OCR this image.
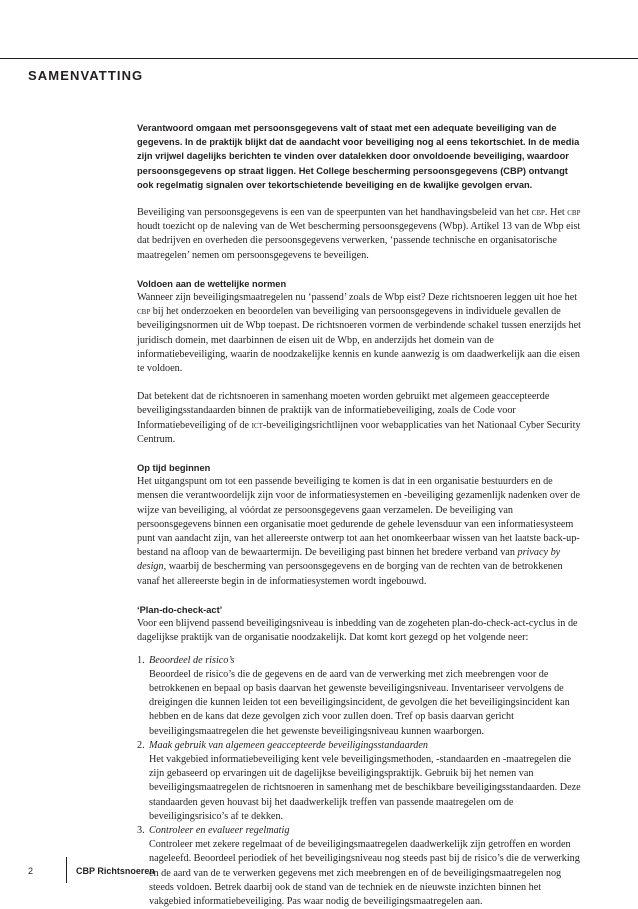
SAMENVATTING

Verantwoord omgaan met persoonsgegevens valt of staat met een adequate beveiliging van de gegevens. In de praktijk blijkt dat de aandacht voor beveiliging nog al eens tekortschiet. In de media zijn vrijwel dagelijks berichten te vinden over datalekken door onvoldoende beveiliging, waardoor persoonsgegevens op straat liggen. Het College bescherming persoonsgegevens (CBP) ontvangt ook regelmatig signalen over tekortschietende beveiliging en de kwalijke gevolgen ervan.

Beveiliging van persoonsgegevens is een van de speerpunten van het handhavingsbeleid van het cbp. Het cbp houdt toezicht op de naleving van de Wet bescherming persoonsgegevens (Wbp). Artikel 13 van de Wbp eist dat bedrijven en overheden die persoonsgegevens verwerken, ‘passende technische en organisatorische maatregelen’ nemen om persoonsgegevens te beveiligen.

Voldoen aan de wettelijke normen

Wanneer zijn beveiligingsmaatregelen nu ‘passend’ zoals de Wbp eist? Deze richtsnoeren leggen uit hoe het cbp bij het onderzoeken en beoordelen van beveiliging van persoonsgegevens in individuele gevallen de beveiligingsnormen uit de Wbp toepast. De richtsnoeren vormen de verbindende schakel tussen enerzijds het juridisch domein, met daarbinnen de eisen uit de Wbp, en anderzijds het domein van de informatiebeveiliging, waarin de noodzakelijke kennis en kunde aanwezig is om daadwerkelijk aan die eisen te voldoen.

Dat betekent dat de richtsnoeren in samenhang moeten worden gebruikt met algemeen geaccepteerde beveiligingsstandaarden binnen de praktijk van de informatiebeveiliging, zoals de Code voor Informatiebeveiliging of de ict-beveiligingsrichtlijnen voor webapplicaties van het Nationaal Cyber Security Centrum.

Op tijd beginnen

Het uitgangspunt om tot een passende beveiliging te komen is dat in een organisatie bestuurders en de mensen die verantwoordelijk zijn voor de informatiesystemen en -beveiliging gezamenlijk nadenken over de wijze van beveiliging, al vóórdat ze persoonsgegevens gaan verzamelen. De beveiliging van persoonsgegevens binnen een organisatie moet gedurende de gehele levensduur van een informatiesysteem punt van aandacht zijn, van het allereerste ontwerp tot aan het onomkeerbaar wissen van het laatste back-up-bestand na afloop van de bewaartermijn. De beveiliging past binnen het bredere verband van privacy by design, waarbij de bescherming van persoonsgegevens en de borging van de rechten van de betrokkenen vanaf het allereerste begin in de informatiesystemen wordt ingebouwd.

‘Plan-do-check-act’

Voor een blijvend passend beveiligingsniveau is inbedding van de zogeheten plan-do-check-act-cyclus in de dagelijkse praktijk van de organisatie noodzakelijk. Dat komt kort gezegd op het volgende neer:

1. Beoordeel de risico’s
Beoordeel de risico’s die de gegevens en de aard van de verwerking met zich meebrengen voor de betrokkenen en bepaal op basis daarvan het gewenste beveiligingsniveau. Inventariseer vervolgens de dreigingen die kunnen leiden tot een beveiligingsincident, de gevolgen die het beveiligingsincident kan hebben en de kans dat deze gevolgen zich voor zullen doen. Tref op basis daarvan gericht beveiligingsmaatregelen die het gewenste beveiligingsniveau kunnen waarborgen.
2. Maak gebruik van algemeen geaccepteerde beveiligingsstandaarden
Het vakgebied informatiebeveiliging kent vele beveiligingsmethoden, -standaarden en -maatregelen die zijn gebaseerd op ervaringen uit de dagelijkse beveiligingspraktijk. Gebruik bij het nemen van beveiligingsmaatregelen de richtsnoeren in samenhang met de beschikbare beveiligingsstandaarden. Deze standaarden geven houvast bij het daadwerkelijk treffen van passende maatregelen om de beveiligingsrisico’s af te dekken.
3. Controleer en evalueer regelmatig
Controleer met zekere regelmaat of de beveiligingsmaatregelen daadwerkelijk zijn getroffen en worden nageleefd. Beoordeel periodiek of het beveiligingsniveau nog steeds past bij de risico’s die de verwerking en de aard van de te verwerken gegevens met zich meebrengen en of de beveiligingsmaatregelen nog steeds voldoen. Betrek daarbij ook de stand van de techniek en de nieuwste inzichten binnen het vakgebied informatiebeveiliging. Pas waar nodig de beveiligingsmaatregelen aan.
2	CBP Richtsnoeren
